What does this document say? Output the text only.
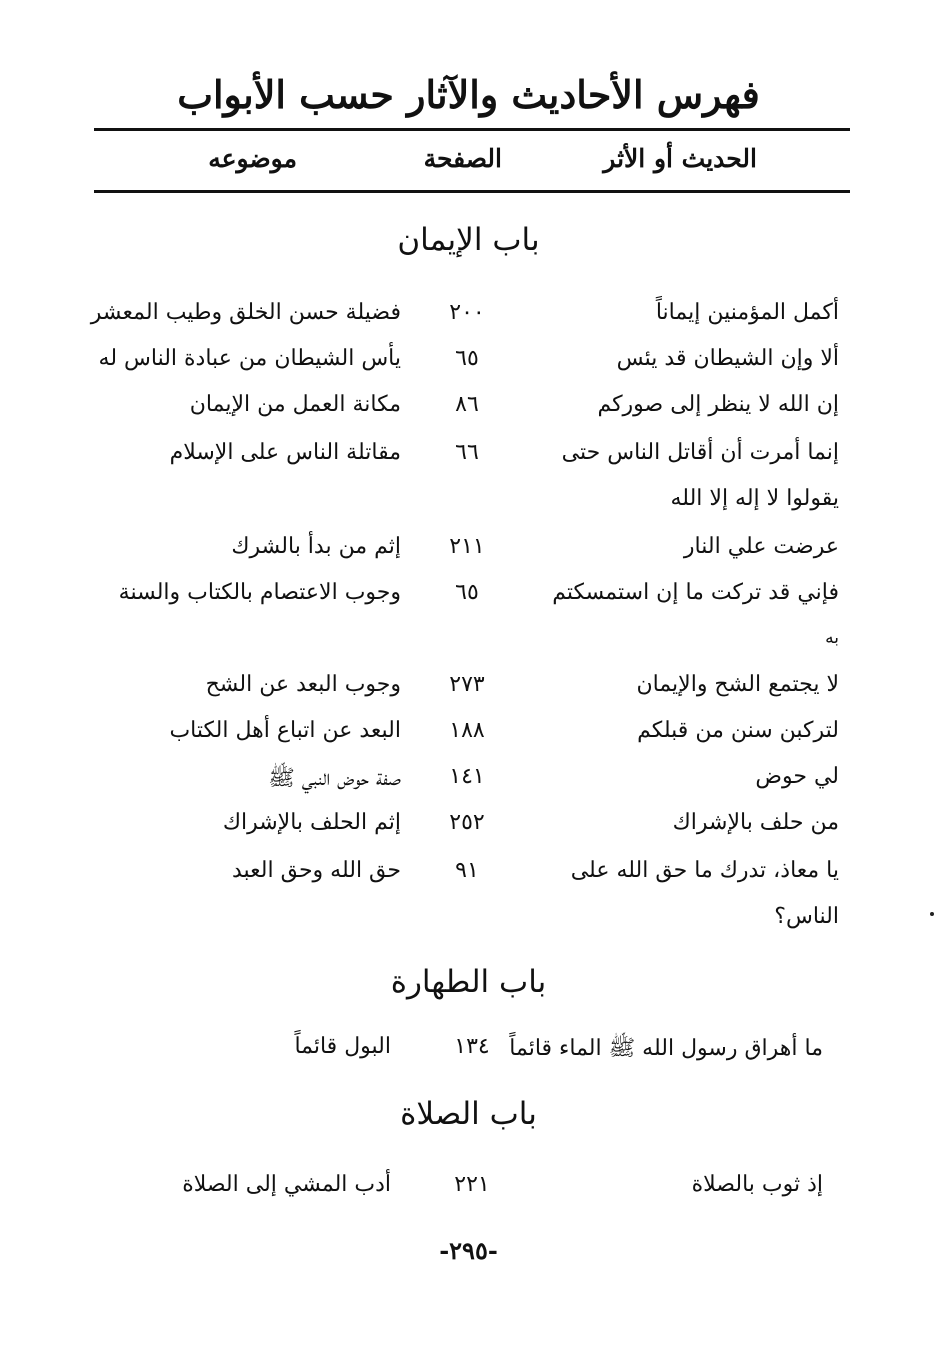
فهرس الأحاديث والآثار حسب الأبواب
الحديث أو الأثر
الصفحة
موضوعه
باب الإيمان
أكمل المؤمنين إيماناً
٢٠٠
فضيلة حسن الخلق وطيب المعشر
ألا وإن الشيطان قد يئس
٦٥
يأس الشيطان من عبادة الناس له
إن الله لا ينظر إلى صوركم
٨٦
مكانة العمل من الإيمان
إنما أمرت أن أقاتل الناس حتى
٦٦
مقاتلة الناس على الإسلام
يقولوا لا إله إلا الله
عرضت علي النار
٢١١
إثم من بدأ بالشرك
فإني قد تركت ما إن استمسكتم
٦٥
وجوب الاعتصام بالكتاب والسنة
به
لا يجتمع الشح والإيمان
٢٧٣
وجوب البعد عن الشح
لتركبن سنن من قبلكم
١٨٨
البعد عن اتباع أهل الكتاب
لي حوض
١٤١
صفة حوض النبي ﷺ
من حلف بالإشراك
٢٥٢
إثم الحلف بالإشراك
يا معاذ، تدرك ما حق الله على
٩١
حق الله وحق العبد
الناس؟
باب الطهارة
ما أهراق رسول الله ﷺ الماء قائماً
١٣٤
البول قائماً
باب الصلاة
إذ ثوب بالصلاة
٢٢١
أدب المشي إلى الصلاة
-٢٩٥-
